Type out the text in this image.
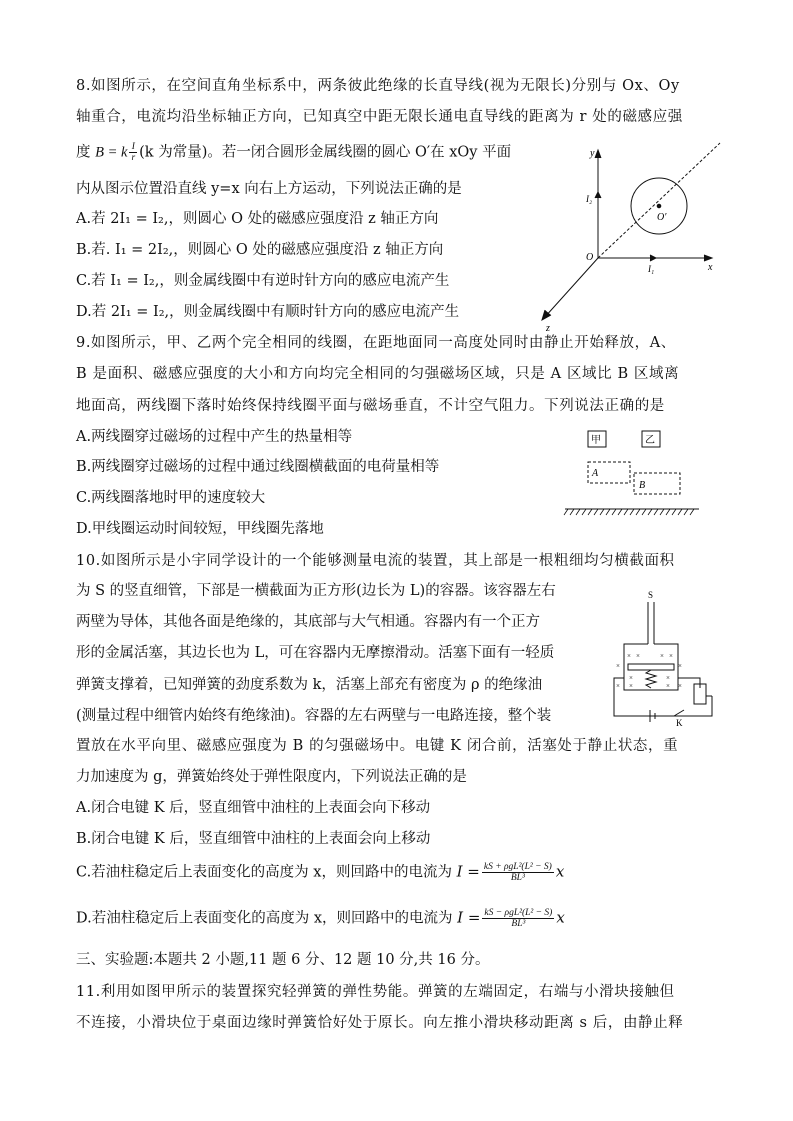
8.如图所示，在空间直角坐标系中，两条彼此绝缘的长直导线(视为无限长)分别与 Ox、Oy
轴重合，电流均沿坐标轴正方向，已知真空中距无限长通电直导线的距离为 r 处的磁感应强
度 B = k $\frac{I}{r} (k$ 为常量)。若一闭合圆形金属线圈的圆心 O′在 xOy 平面
内从图示位置沿直线 y=x 向右上方运动，下列说法正确的是
A.若 2I₁ = I₂,，则圆心 O 处的磁感应强度沿 z 轴正方向
B.若. I₁ = 2I₂,，则圆心 O 处的磁感应强度沿 z 轴正方向
C.若 I₁ = I₂,，则金属线圈中有逆时针方向的感应电流产生
D.若 2I₁ = I₂,，则金属线圈中有顺时针方向的感应电流产生
y
x
z
O
O′
I₂
I₁
9.如图所示，甲、乙两个完全相同的线圈，在距地面同一高度处同时由静止开始释放，A、
B 是面积、磁感应强度的大小和方向均完全相同的匀强磁场区域，只是 A 区域比 B 区域离
地面高，两线圈下落时始终保持线圈平面与磁场垂直，不计空气阻力。下列说法正确的是
A.两线圈穿过磁场的过程中产生的热量相等
B.两线圈穿过磁场的过程中通过线圈横截面的电荷量相等
C.两线圈落地时甲的速度较大
D.甲线圈运动时间较短，甲线圈先落地
甲	乙
A
B
10.如图所示是小宇同学设计的一个能够测量电流的装置，其上部是一根粗细均匀横截面积
为 S 的竖直细管，下部是一横截面为正方形(边长为 L)的容器。该容器左右
两壁为导体，其他各面是绝缘的，其底部与大气相通。容器内有一个正方
形的金属活塞，其边长也为 L，可在容器内无摩擦滑动。活塞下面有一轻质
弹簧支撑着，已知弹簧的劲度系数为 k，活塞上部充有密度为 ρ 的绝缘油
(测量过程中细管内始终有绝缘油)。容器的左右两壁与一电路连接，整个装
置放在水平向里、磁感应强度为 B 的匀强磁场中。电键 K 闭合前，活塞处于静止状态，重
力加速度为 g，弹簧始终处于弹性限度内，下列说法正确的是
A.闭合电键 K 后，竖直细管中油柱的上表面会向下移动
B.闭合电键 K 后，竖直细管中油柱的上表面会向上移动
C.若油柱稳定后上表面变化的高度为 x，则回路中的电流为 $I = \frac{\text{kS + ρgL²(L² − S)}}{\text{BL³}}$ x
D.若油柱稳定后上表面变化的高度为 x，则回路中的电流为 $I = \frac{\text{kS − ρgL²(L² − S)}}{\text{BL³}}$ x
× ×	× ×
×	×
×	×
× ×	× ×
S
K
三、实验题:本题共 2 小题,11 题 6 分、12 题 10 分,共 16 分。
11.利用如图甲所示的装置探究轻弹簧的弹性势能。弹簧的左端固定，右端与小滑块接触但
不连接，小滑块位于桌面边缘时弹簧恰好处于原长。向左推小滑块移动距离 s 后，由静止释
